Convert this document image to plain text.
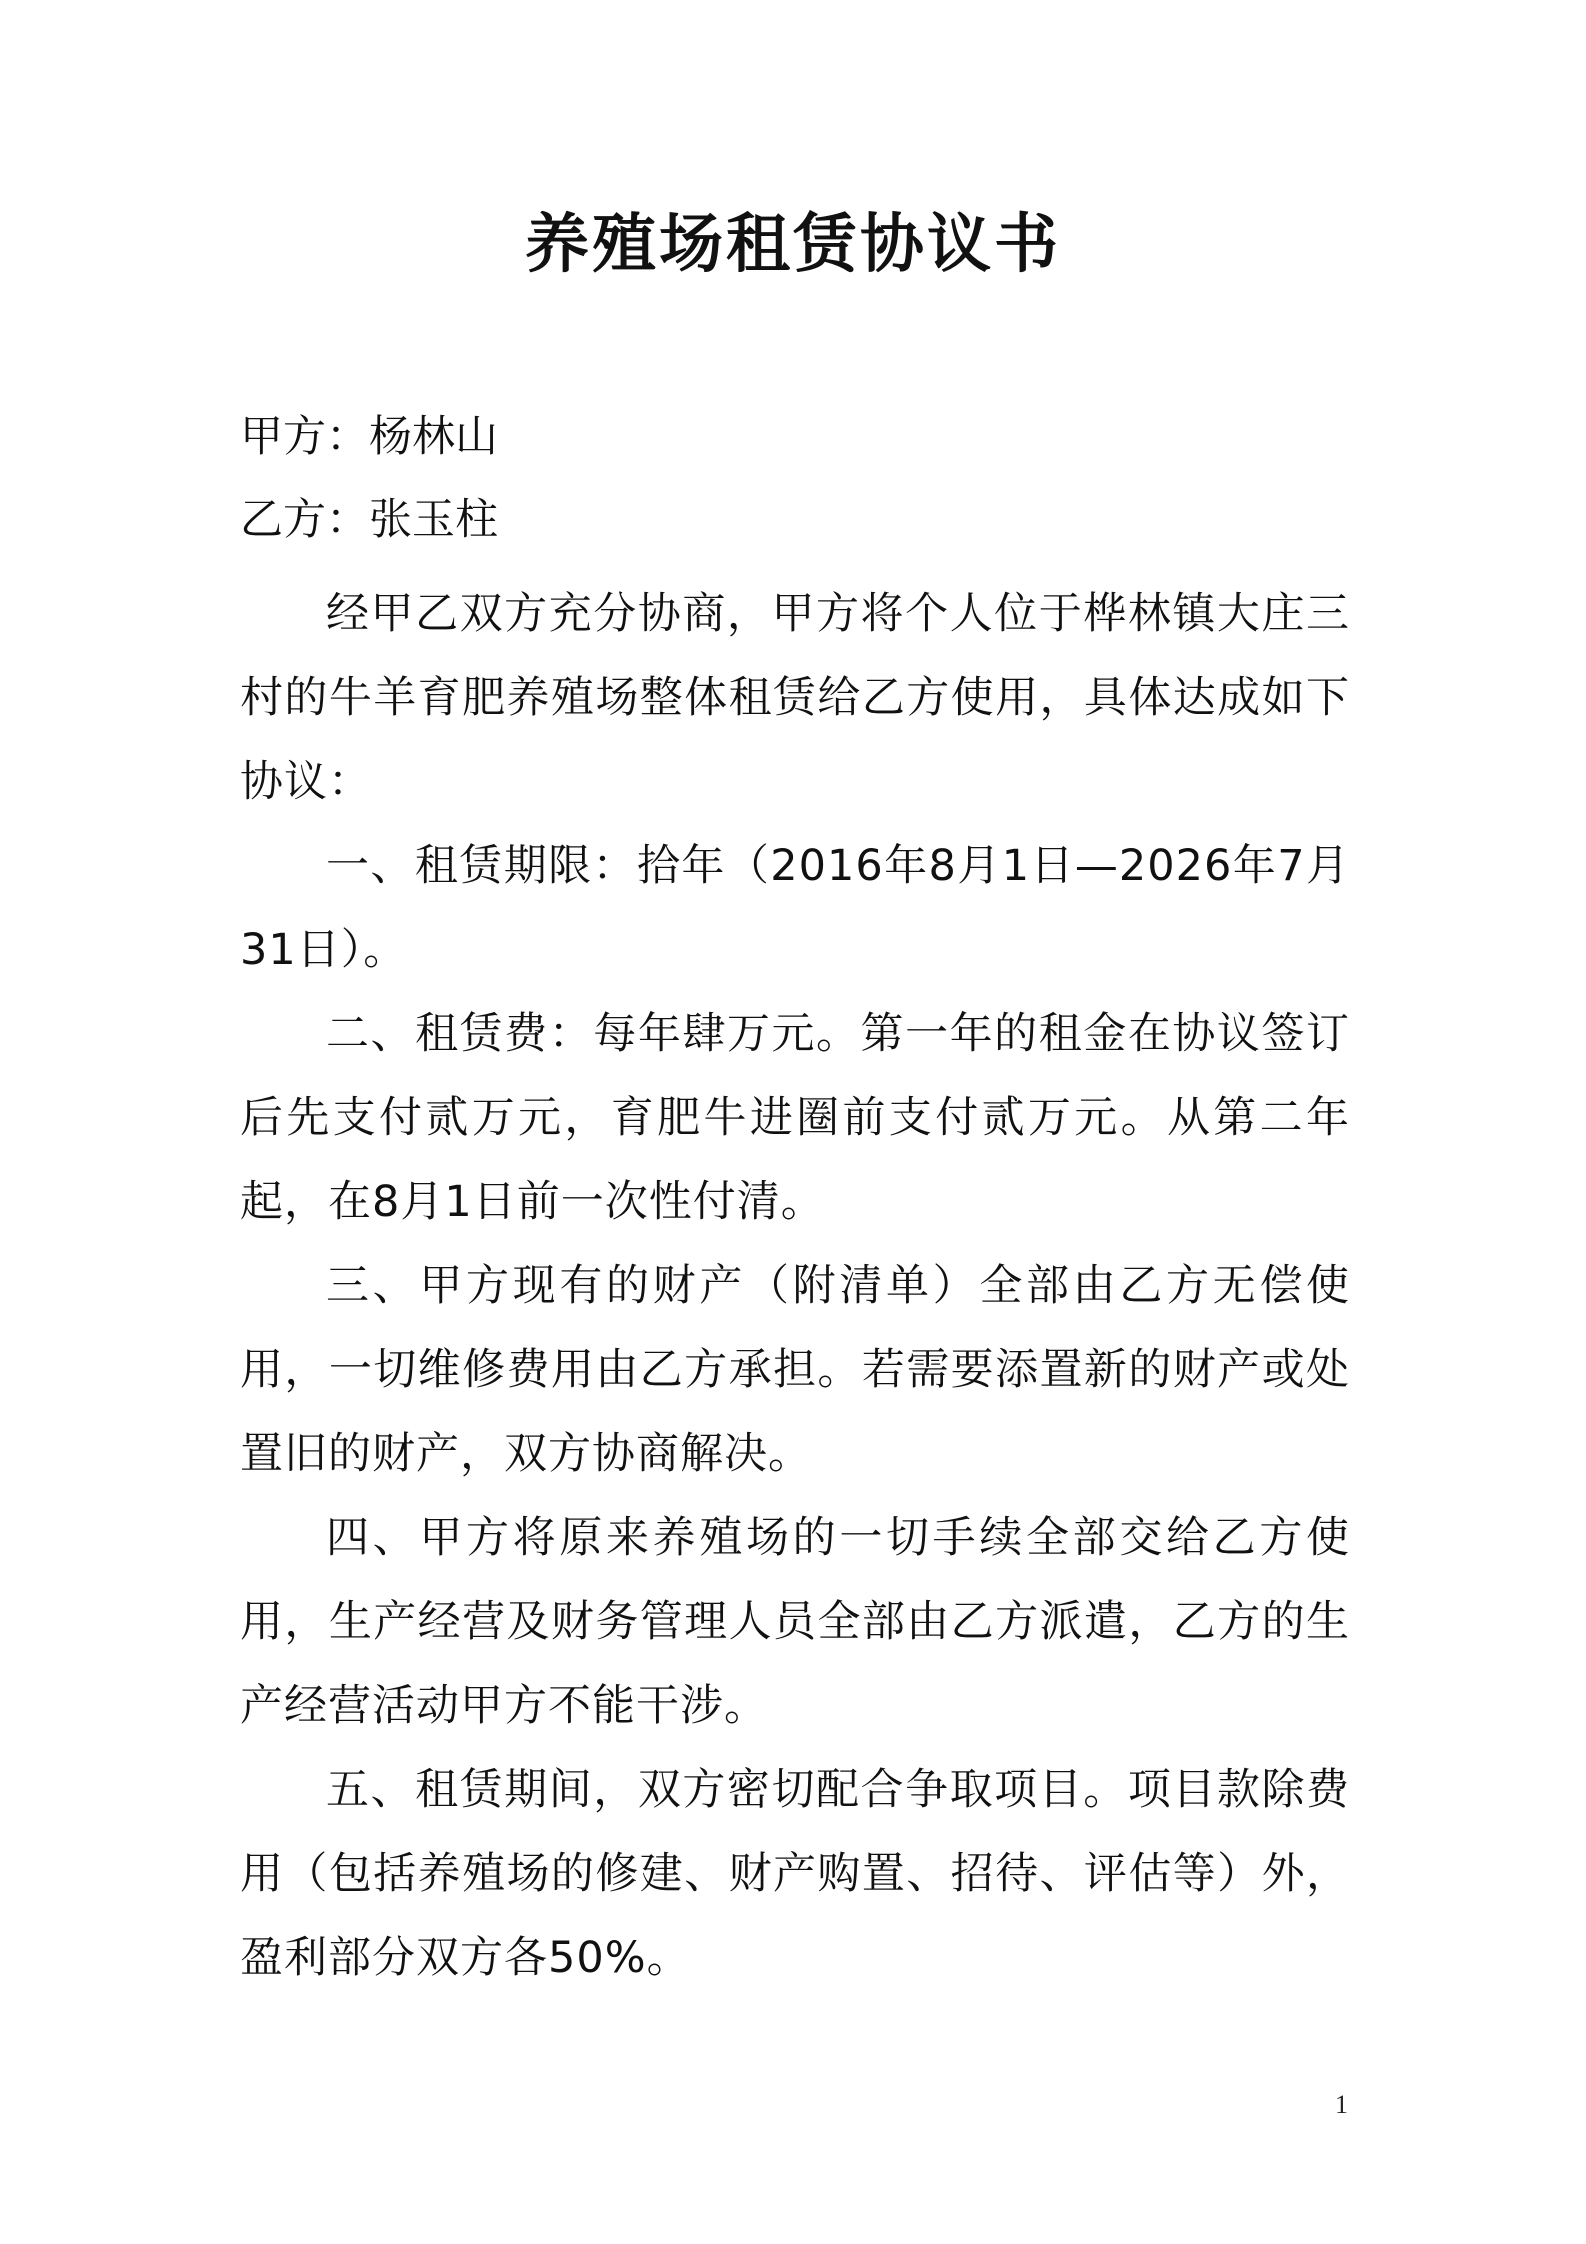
养殖场租赁协议书
甲方：杨林山
乙方：张玉柱

经甲乙双方充分协商，甲方将个人位于桦林镇大庄三村的牛羊育肥养殖场整体租赁给乙方使用，具体达成如下协议：

一、租赁期限：拾年（2016年8月1日—2026年7月31日）。

二、租赁费：每年肆万元。第一年的租金在协议签订后先支付贰万元，育肥牛进圈前支付贰万元。从第二年起，在8月1日前一次性付清。

三、甲方现有的财产（附清单）全部由乙方无偿使用，一切维修费用由乙方承担。若需要添置新的财产或处置旧的财产，双方协商解决。

四、甲方将原来养殖场的一切手续全部交给乙方使用，生产经营及财务管理人员全部由乙方派遣，乙方的生产经营活动甲方不能干涉。

五、租赁期间，双方密切配合争取项目。项目款除费用（包括养殖场的修建、财产购置、招待、评估等）外，盈利部分双方各50%。

1
